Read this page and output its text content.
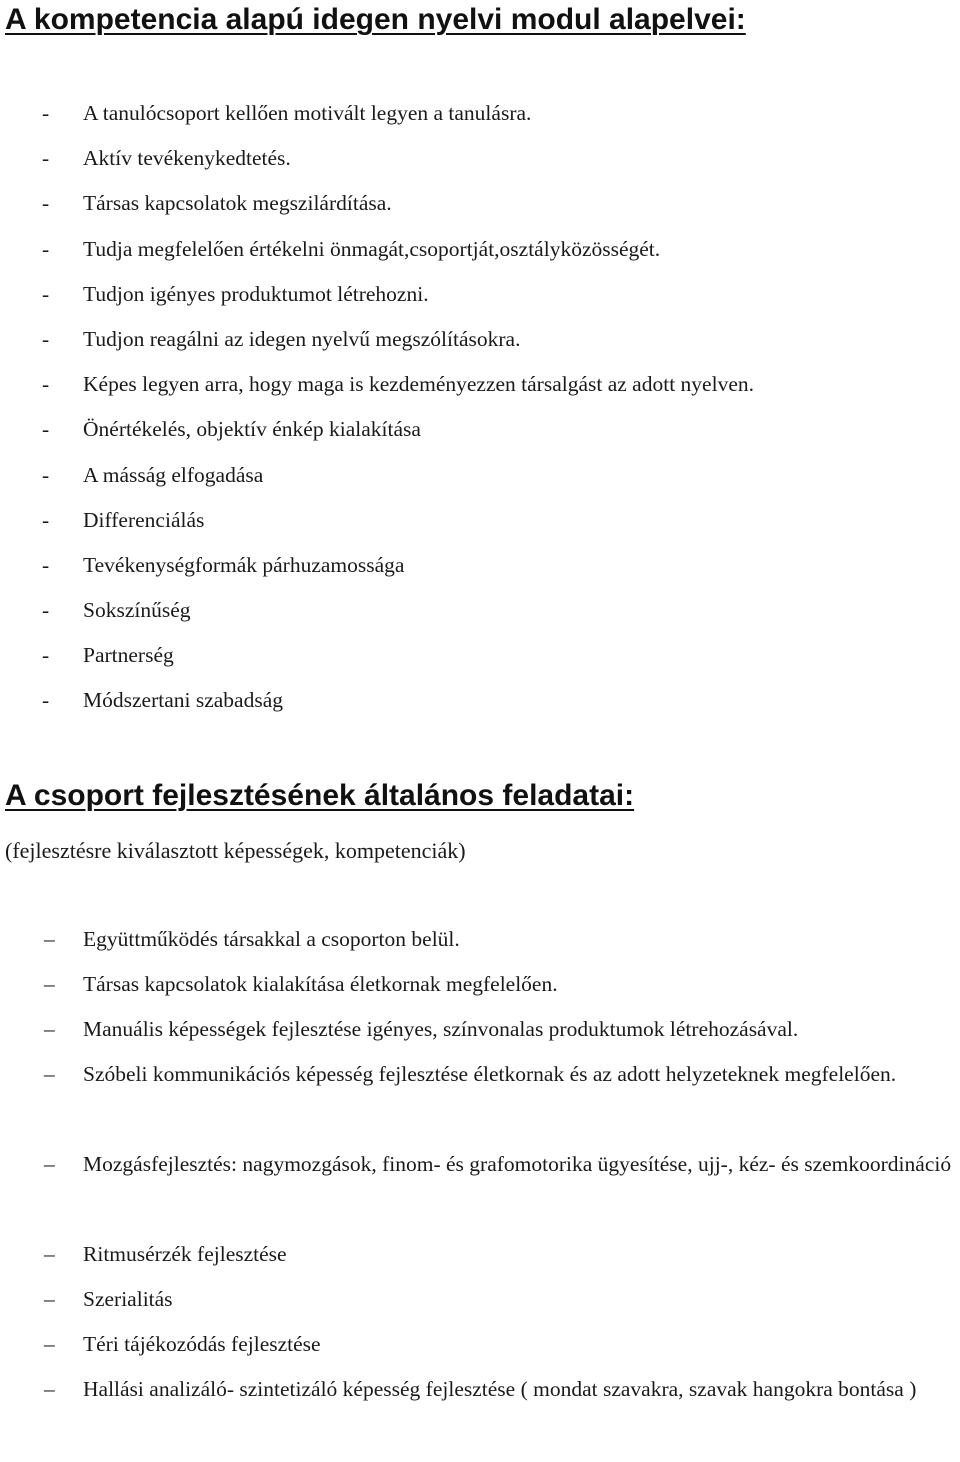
A kompetencia alapú idegen nyelvi modul alapelvei:
- A tanulócsoport kellően motivált legyen a tanulásra.
- Aktív tevékenykedtetés.
- Társas kapcsolatok megszilárdítása.
- Tudja megfelelően értékelni önmagát,csoportját,osztályközösségét.
- Tudjon igényes produktumot létrehozni.
- Tudjon reagálni az idegen nyelvű megszólításokra.
- Képes legyen arra, hogy maga is kezdeményezzen társalgást az adott nyelven.
- Önértékelés, objektív énkép kialakítása
- A másság elfogadása
- Differenciálás
- Tevékenységformák párhuzamossága
- Sokszínűség
- Partnerség
- Módszertani szabadság
A csoport fejlesztésének általános feladatai:

(fejlesztésre kiválasztott képességek, kompetenciák)

– Együttműködés társakkal a csoporton belül.
– Társas kapcsolatok kialakítása életkornak megfelelően.
– Manuális képességek fejlesztése igényes, színvonalas produktumok létrehozásával.
– Szóbeli kommunikációs képesség fejlesztése életkornak és az adott helyzeteknek megfelelően.
– Mozgásfejlesztés: nagymozgások, finom- és grafomotorika ügyesítése, ujj-, kéz- és szemkoordináció
– Ritmusérzék fejlesztése
– Szerialitás
– Téri tájékozódás fejlesztése
– Hallási analizáló- szintetizáló képesség fejlesztése ( mondat szavakra, szavak hangokra bontása )
